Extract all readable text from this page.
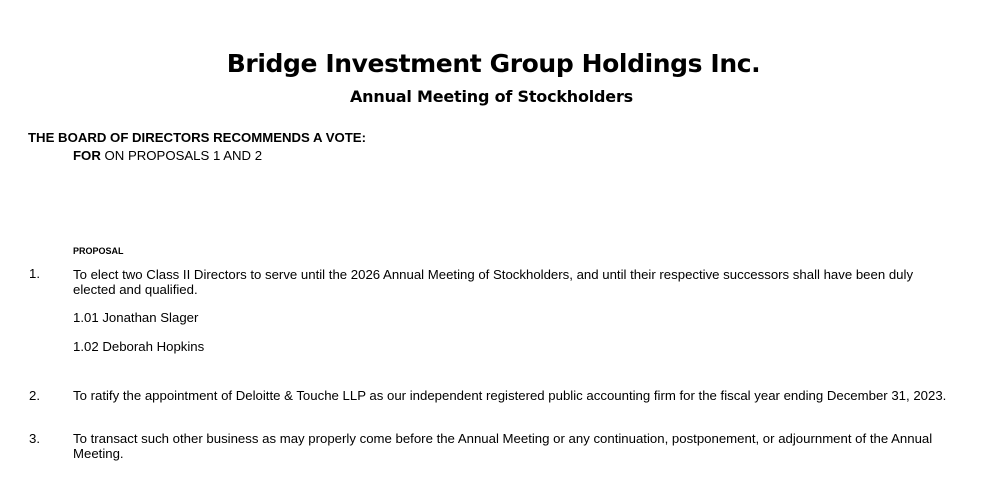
Bridge Investment Group Holdings Inc.
Annual Meeting of Stockholders
THE BOARD OF DIRECTORS RECOMMENDS A VOTE:
FOR ON PROPOSALS 1 AND 2
PROPOSAL
1.	To elect two Class II Directors to serve until the 2026 Annual Meeting of Stockholders, and until their respective successors shall have been duly elected and qualified.
1.01 Jonathan Slager
1.02 Deborah Hopkins
2.	To ratify the appointment of Deloitte & Touche LLP as our independent registered public accounting firm for the fiscal year ending December 31, 2023.
3.	To transact such other business as may properly come before the Annual Meeting or any continuation, postponement, or adjournment of the Annual Meeting.
